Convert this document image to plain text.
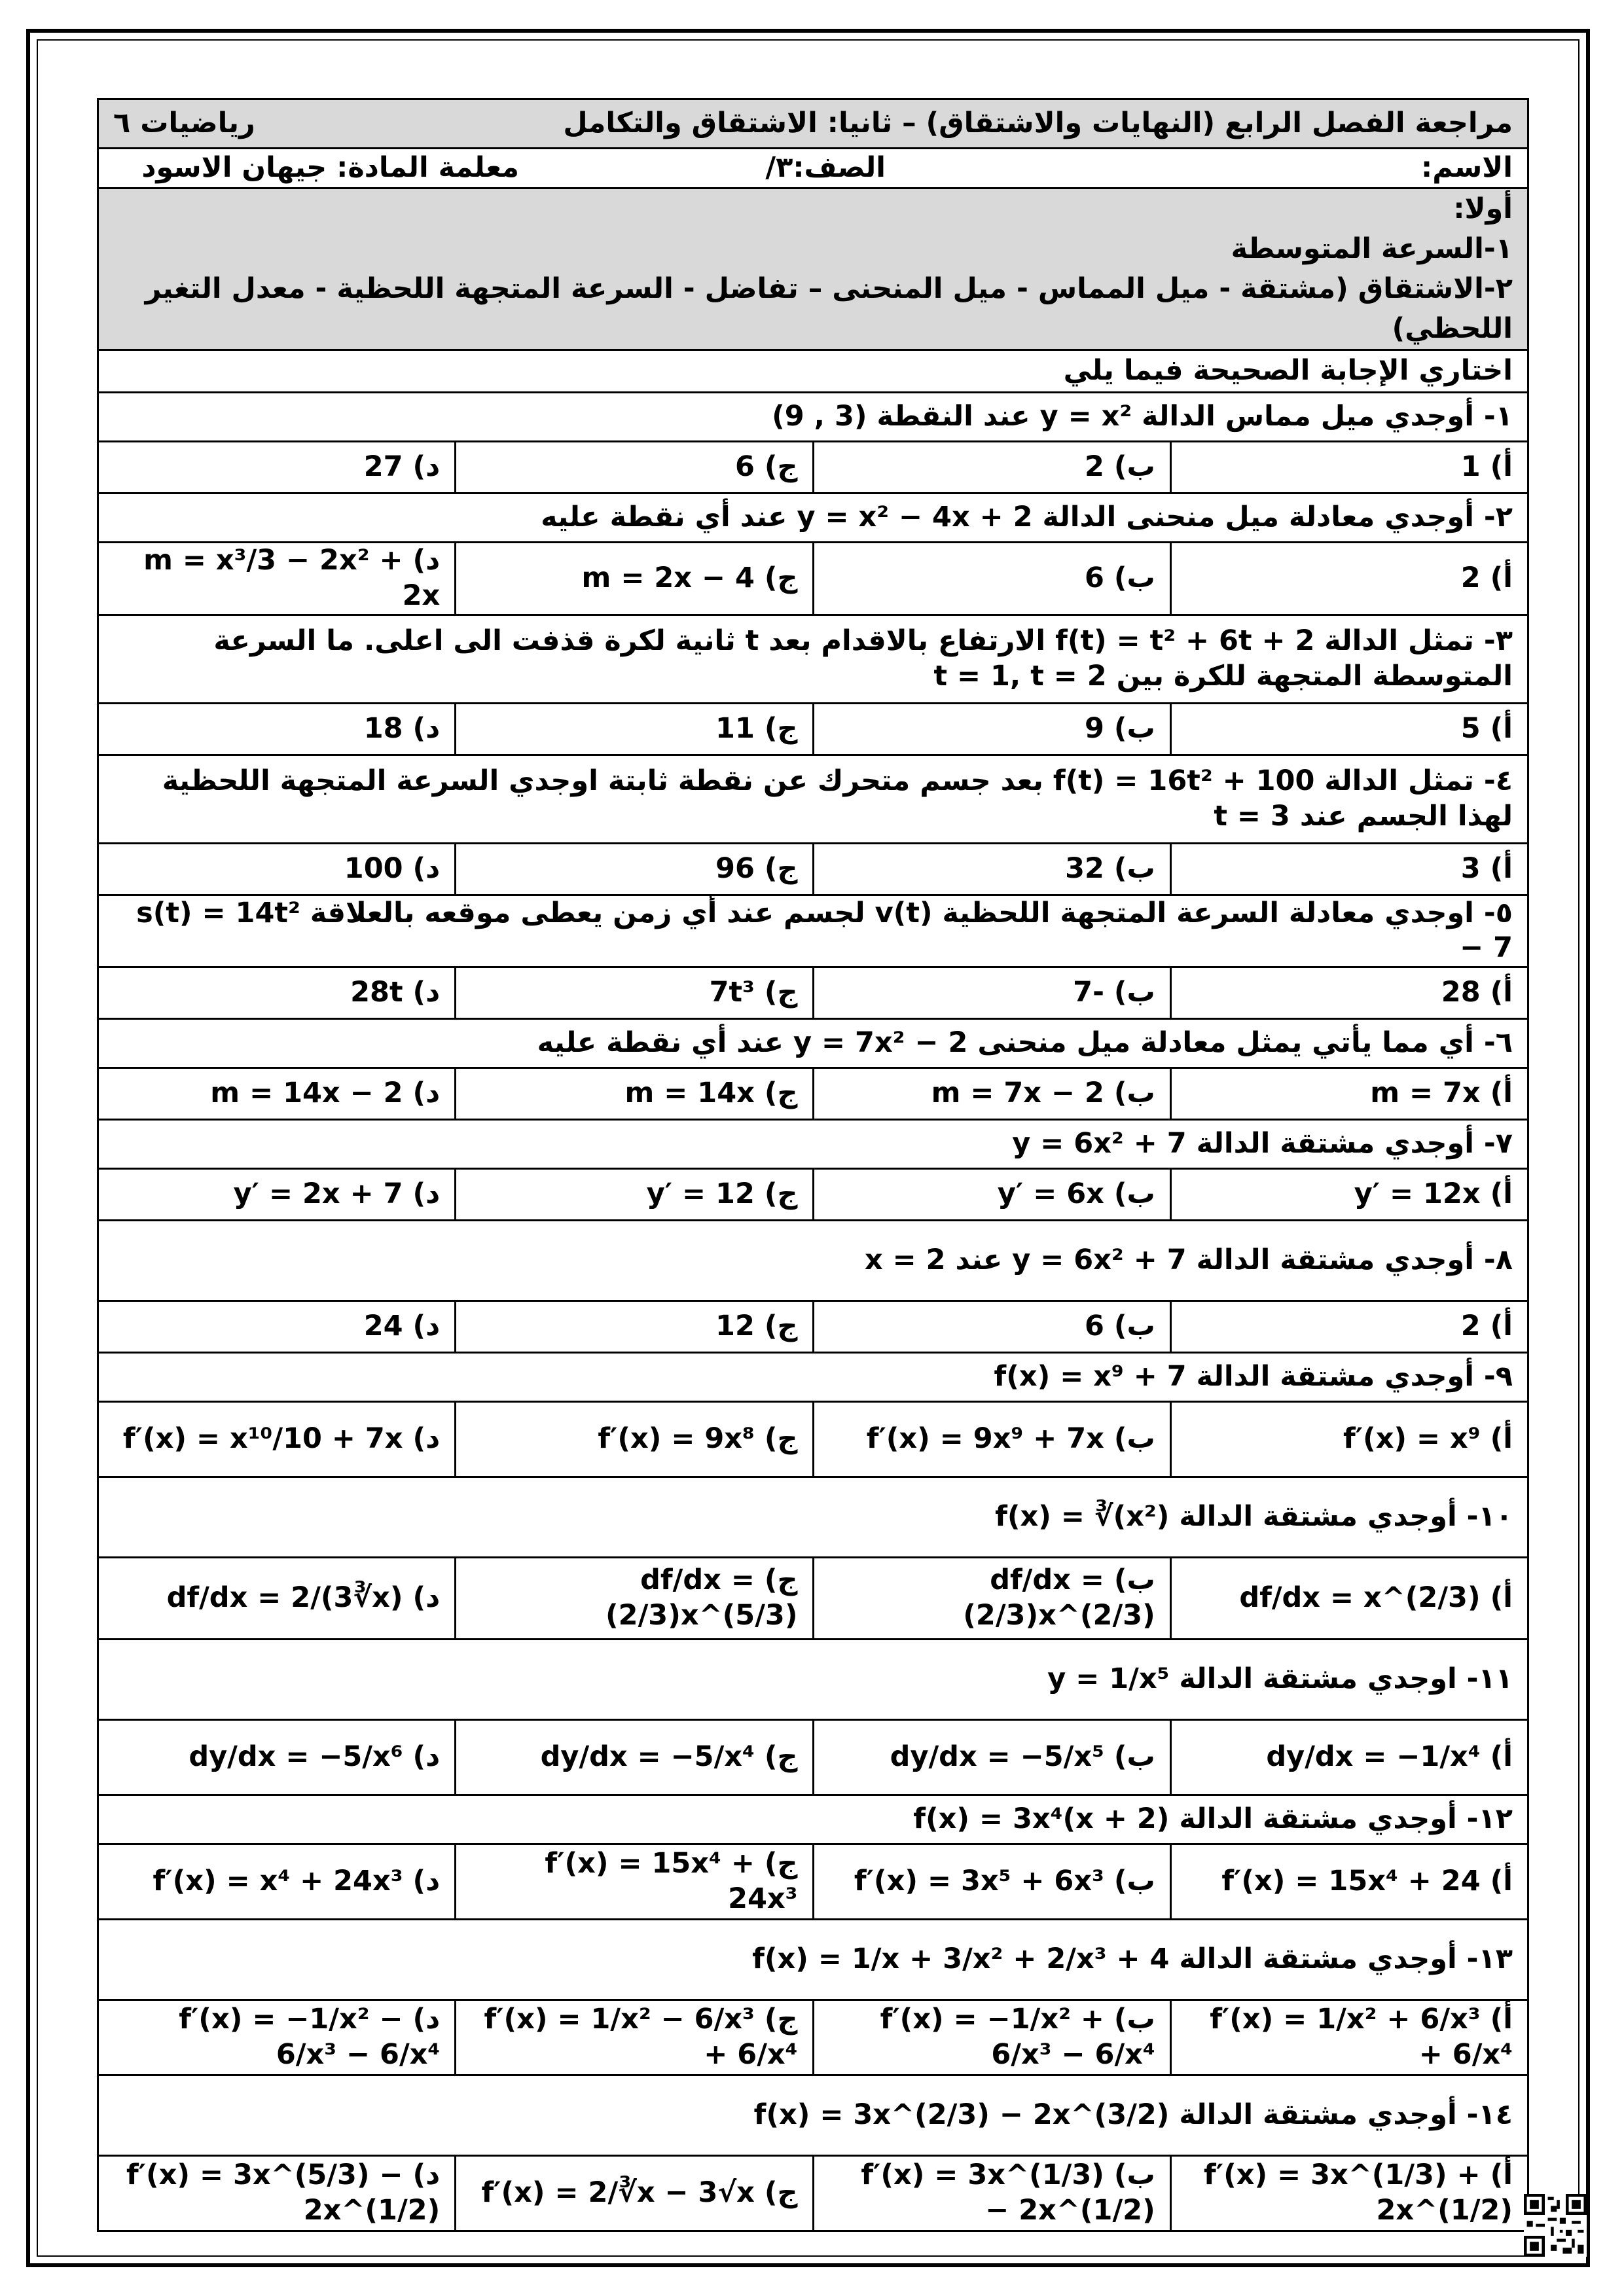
مراجعة الفصل الرابع (النهايات والاشتقاق) – ثانيا: الاشتقاق والتكامل
رياضيات ٦			

الاسم:
الصف:٣/
معلمة المادة: جيهان الاسود			

أولا:
١-السرعة المتوسطة
٢-الاشتقاق (مشتقة - ميل المماس - ميل المنحنى – تفاضل - السرعة المتجهة اللحظية - معدل التغير اللحظي)			

اختاري الإجابة الصحيحة فيما يلي			
١- أوجدي ميل مماس الدالة y = x² عند النقطة (3 , 9)			
أ) 1	ب) 2	ج) 6	د) 27
٢- أوجدي معادلة ميل منحنى الدالة y = x² − 4x + 2 عند أي نقطة عليه			
أ) 2	ب) 6	ج) m = 2x − 4	د) m = x³/3 − 2x² + 2x
٣- تمثل الدالة f(t) = t² + 6t + 2 الارتفاع بالاقدام بعد t ثانية لكرة قذفت الى اعلى. ما السرعة المتوسطة المتجهة للكرة بين t = 1, t = 2			
أ) 5	ب) 9	ج) 11	د) 18
٤- تمثل الدالة f(t) = 16t² + 100 بعد جسم متحرك عن نقطة ثابتة اوجدي السرعة المتجهة اللحظية لهذا الجسم عند t = 3			
أ) 3	ب) 32	ج) 96	د) 100
٥- اوجدي معادلة السرعة المتجهة اللحظية v(t) لجسم عند أي زمن يعطى موقعه بالعلاقة s(t) = 14t² − 7			
أ) 28	ب) -7	ج) 7t³	د) 28t
٦- أي مما يأتي يمثل معادلة ميل منحنى y = 7x² − 2 عند أي نقطة عليه			
أ) m = 7x	ب) m = 7x − 2	ج) m = 14x	د) m = 14x − 2
٧- أوجدي مشتقة الدالة y = 6x² + 7			
أ) y′ = 12x	ب) y′ = 6x	ج) y′ = 12	د) y′ = 2x + 7
٨- أوجدي مشتقة الدالة y = 6x² + 7 عند x = 2			
أ) 2	ب) 6	ج) 12	د) 24
٩- أوجدي مشتقة الدالة f(x) = x⁹ + 7			
أ) f′(x) = x⁹	ب) f′(x) = 9x⁹ + 7x	ج) f′(x) = 9x⁸	د) f′(x) = x¹⁰/10 + 7x
١٠- أوجدي مشتقة الدالة f(x) = ∛(x²)			
أ) df/dx = x^(2/3)	ب) df/dx = (2/3)x^(2/3)	ج) df/dx = (2/3)x^(5/3)	د) df/dx = 2/(3∛x)
١١- اوجدي مشتقة الدالة y = 1/x⁵			
أ) dy/dx = −1/x⁴	ب) dy/dx = −5/x⁵	ج) dy/dx = −5/x⁴	د) dy/dx = −5/x⁶
١٢- أوجدي مشتقة الدالة f(x) = 3x⁴(x + 2)			
أ) f′(x) = 15x⁴ + 24	ب) f′(x) = 3x⁵ + 6x³	ج) f′(x) = 15x⁴ + 24x³	د) f′(x) = x⁴ + 24x³
١٣- أوجدي مشتقة الدالة f(x) = 1/x + 3/x² + 2/x³ + 4			
أ) f′(x) = 1/x² + 6/x³ + 6/x⁴	ب) f′(x) = −1/x² + 6/x³ − 6/x⁴	ج) f′(x) = 1/x² − 6/x³ + 6/x⁴	د) f′(x) = −1/x² − 6/x³ − 6/x⁴
١٤- أوجدي مشتقة الدالة f(x) = 3x^(2/3) − 2x^(3/2)			
أ) f′(x) = 3x^(1/3) + 2x^(1/2)	ب) f′(x) = 3x^(1/3) − 2x^(1/2)	ج) f′(x) = 2/∛x − 3√x	د) f′(x) = 3x^(5/3) − 2x^(1/2)
